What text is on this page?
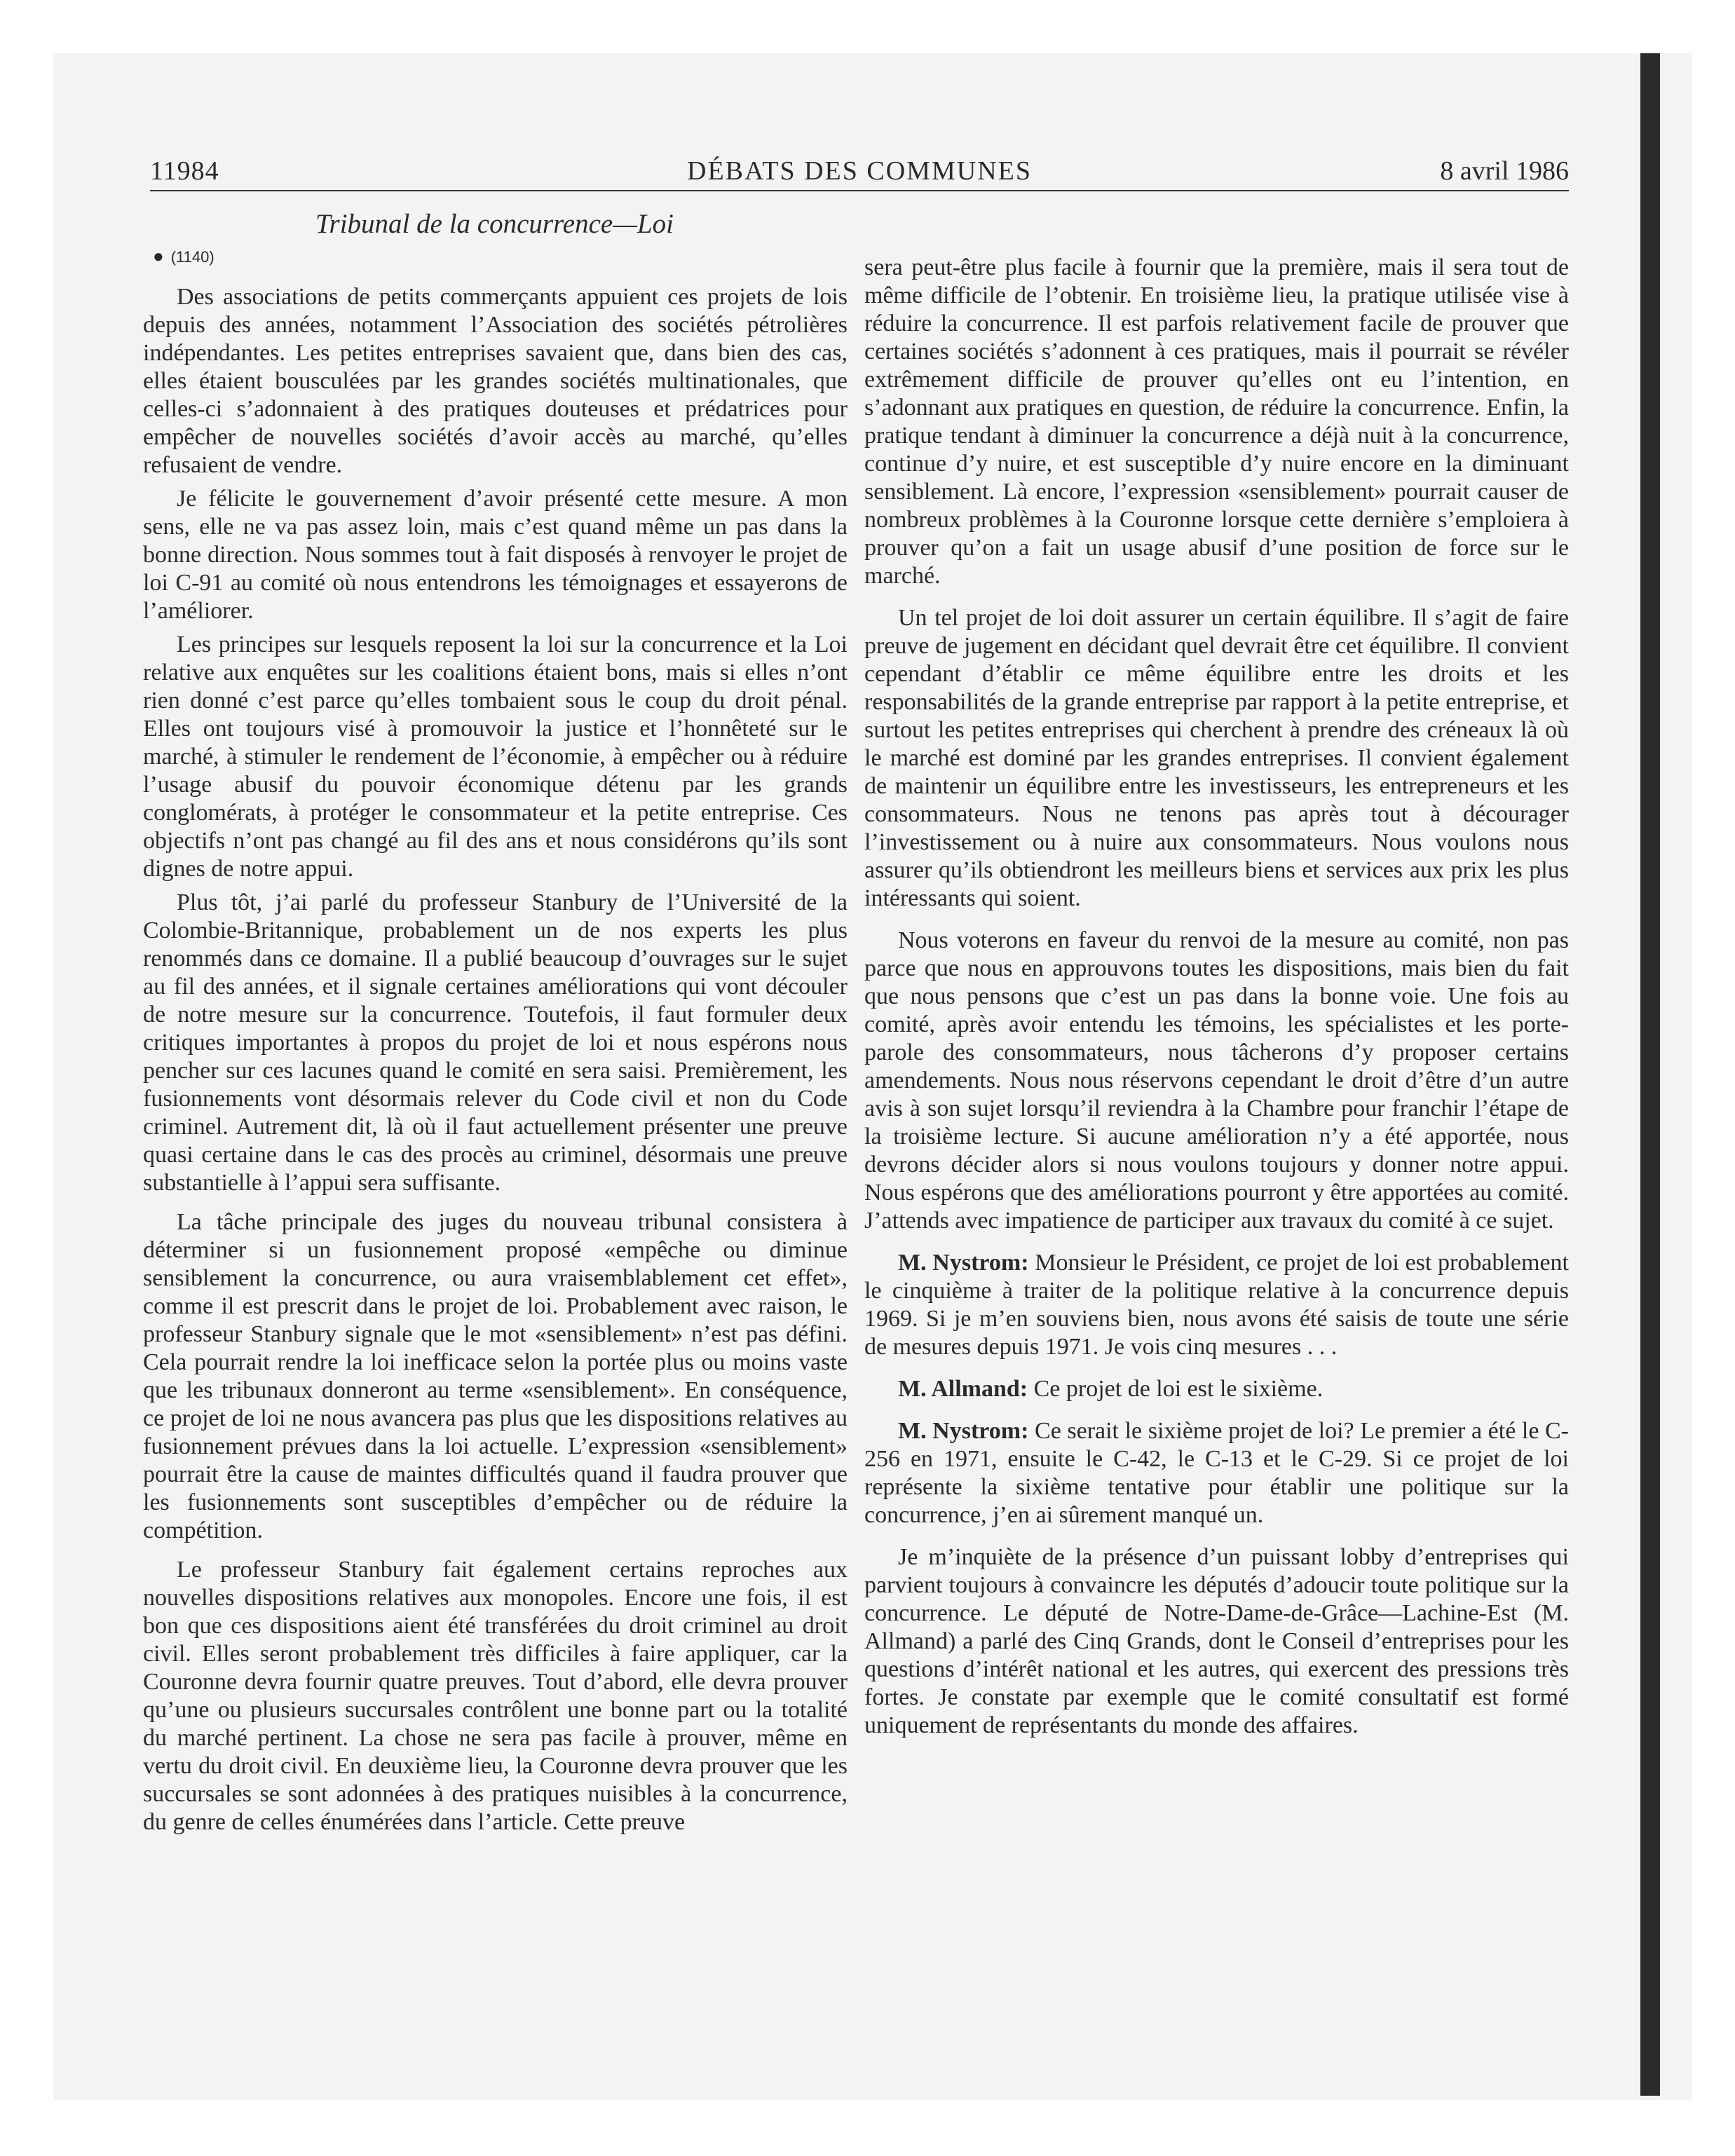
11984	DÉBATS DES COMMUNES	8 avril 1986
Tribunal de la concurrence—Loi
● (1140)

Des associations de petits commerçants appuient ces projets de lois depuis des années, notamment l’Association des sociétés pétrolières indépendantes. Les petites entreprises savaient que, dans bien des cas, elles étaient bousculées par les grandes sociétés multinationales, que celles-ci s’adonnaient à des pratiques douteuses et prédatrices pour empêcher de nouvelles sociétés d’avoir accès au marché, qu’elles refusaient de vendre.

Je félicite le gouvernement d’avoir présenté cette mesure. A mon sens, elle ne va pas assez loin, mais c’est quand même un pas dans la bonne direction. Nous sommes tout à fait disposés à renvoyer le projet de loi C-91 au comité où nous entendrons les témoignages et essayerons de l’améliorer.

Les principes sur lesquels reposent la loi sur la concurrence et la Loi relative aux enquêtes sur les coalitions étaient bons, mais si elles n’ont rien donné c’est parce qu’elles tombaient sous le coup du droit pénal. Elles ont toujours visé à promouvoir la justice et l’honnêteté sur le marché, à stimuler le rendement de l’économie, à empêcher ou à réduire l’usage abusif du pouvoir économique détenu par les grands conglomérats, à protéger le consommateur et la petite entreprise. Ces objectifs n’ont pas changé au fil des ans et nous considérons qu’ils sont dignes de notre appui.

Plus tôt, j’ai parlé du professeur Stanbury de l’Université de la Colombie-Britannique, probablement un de nos experts les plus renommés dans ce domaine. Il a publié beaucoup d’ouvrages sur le sujet au fil des années, et il signale certaines améliorations qui vont découler de notre mesure sur la concurrence. Toutefois, il faut formuler deux critiques importantes à propos du projet de loi et nous espérons nous pencher sur ces lacunes quand le comité en sera saisi. Premièrement, les fusionnements vont désormais relever du Code civil et non du Code criminel. Autrement dit, là où il faut actuellement présenter une preuve quasi certaine dans le cas des procès au criminel, désormais une preuve substantielle à l’appui sera suffisante.

La tâche principale des juges du nouveau tribunal consistera à déterminer si un fusionnement proposé «empêche ou diminue sensiblement la concurrence, ou aura vraisemblablement cet effet», comme il est prescrit dans le projet de loi. Probablement avec raison, le professeur Stanbury signale que le mot «sensiblement» n’est pas défini. Cela pourrait rendre la loi inefficace selon la portée plus ou moins vaste que les tribunaux donneront au terme «sensiblement». En conséquence, ce projet de loi ne nous avancera pas plus que les dispositions relatives au fusionnement prévues dans la loi actuelle. L’expression «sensiblement» pourrait être la cause de maintes difficultés quand il faudra prouver que les fusionnements sont susceptibles d’empêcher ou de réduire la compétition.

Le professeur Stanbury fait également certains reproches aux nouvelles dispositions relatives aux monopoles. Encore une fois, il est bon que ces dispositions aient été transférées du droit criminel au droit civil. Elles seront probablement très difficiles à faire appliquer, car la Couronne devra fournir quatre preuves. Tout d’abord, elle devra prouver qu’une ou plusieurs succursales contrôlent une bonne part ou la totalité du marché pertinent. La chose ne sera pas facile à prouver, même en vertu du droit civil. En deuxième lieu, la Couronne devra prouver que les succursales se sont adonnées à des pratiques nuisibles à la concurrence, du genre de celles énumérées dans l’article. Cette preuve

sera peut-être plus facile à fournir que la première, mais il sera tout de même difficile de l’obtenir. En troisième lieu, la pratique utilisée vise à réduire la concurrence. Il est parfois relativement facile de prouver que certaines sociétés s’adonnent à ces pratiques, mais il pourrait se révéler extrêmement difficile de prouver qu’elles ont eu l’intention, en s’adonnant aux pratiques en question, de réduire la concurrence. Enfin, la pratique tendant à diminuer la concurrence a déjà nuit à la concurrence, continue d’y nuire, et est susceptible d’y nuire encore en la diminuant sensiblement. Là encore, l’expression «sensiblement» pourrait causer de nombreux problèmes à la Couronne lorsque cette dernière s’emploiera à prouver qu’on a fait un usage abusif d’une position de force sur le marché.

Un tel projet de loi doit assurer un certain équilibre. Il s’agit de faire preuve de jugement en décidant quel devrait être cet équilibre. Il convient cependant d’établir ce même équilibre entre les droits et les responsabilités de la grande entreprise par rapport à la petite entreprise, et surtout les petites entreprises qui cherchent à prendre des créneaux là où le marché est dominé par les grandes entreprises. Il convient également de maintenir un équilibre entre les investisseurs, les entrepreneurs et les consommateurs. Nous ne tenons pas après tout à décourager l’investissement ou à nuire aux consommateurs. Nous voulons nous assurer qu’ils obtiendront les meilleurs biens et services aux prix les plus intéressants qui soient.

Nous voterons en faveur du renvoi de la mesure au comité, non pas parce que nous en approuvons toutes les dispositions, mais bien du fait que nous pensons que c’est un pas dans la bonne voie. Une fois au comité, après avoir entendu les témoins, les spécialistes et les porte-parole des consommateurs, nous tâcherons d’y proposer certains amendements. Nous nous réservons cependant le droit d’être d’un autre avis à son sujet lorsqu’il reviendra à la Chambre pour franchir l’étape de la troisième lecture. Si aucune amélioration n’y a été apportée, nous devrons décider alors si nous voulons toujours y donner notre appui. Nous espérons que des améliorations pourront y être apportées au comité. J’attends avec impatience de participer aux travaux du comité à ce sujet.

M. Nystrom: Monsieur le Président, ce projet de loi est probablement le cinquième à traiter de la politique relative à la concurrence depuis 1969. Si je m’en souviens bien, nous avons été saisis de toute une série de mesures depuis 1971. Je vois cinq mesures . . .

M. Allmand: Ce projet de loi est le sixième.

M. Nystrom: Ce serait le sixième projet de loi? Le premier a été le C-256 en 1971, ensuite le C-42, le C-13 et le C-29. Si ce projet de loi représente la sixième tentative pour établir une politique sur la concurrence, j’en ai sûrement manqué un.

Je m’inquiète de la présence d’un puissant lobby d’entreprises qui parvient toujours à convaincre les députés d’adoucir toute politique sur la concurrence. Le député de Notre-Dame-de-Grâce—Lachine-Est (M. Allmand) a parlé des Cinq Grands, dont le Conseil d’entreprises pour les questions d’intérêt national et les autres, qui exercent des pressions très fortes. Je constate par exemple que le comité consultatif est formé uniquement de représentants du monde des affaires.
